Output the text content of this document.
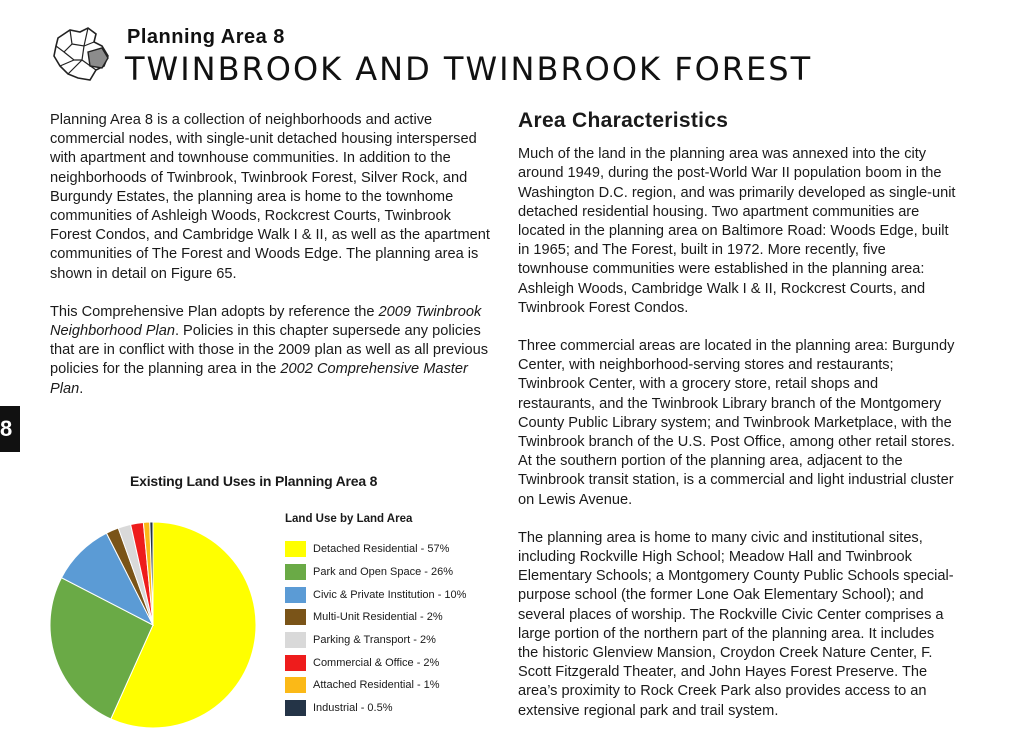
Planning Area 8
TWINBROOK AND TWINBROOK FOREST
8

Planning Area 8 is a collection of neighborhoods and active commercial nodes, with single-unit detached housing interspersed with apartment and townhouse communities. In addition to the neighborhoods of Twinbrook, Twinbrook Forest, Silver Rock, and Burgundy Estates, the planning area is home to the townhome communities of Ashleigh Woods, Rockcrest Courts, Twinbrook Forest Condos, and Cambridge Walk I & II, as well as the apartment communities of The Forest and Woods Edge. The planning area is shown in detail on Figure 65.

This Comprehensive Plan adopts by reference the 2009 Twinbrook Neighborhood Plan. Policies in this chapter supersede any policies that are in conflict with those in the 2009 plan as well as all previous policies for the planning area in the 2002 Comprehensive Master Plan.

Area Characteristics

Much of the land in the planning area was annexed into the city around 1949, during the post-World War II population boom in the Washington D.C. region, and was primarily developed as single-unit detached residential housing. Two apartment communities are located in the planning area on Baltimore Road: Woods Edge, built in 1965; and The Forest, built in 1972. More recently, five townhouse communities were established in the planning area: Ashleigh Woods, Cambridge Walk I & II, Rockcrest Courts, and Twinbrook Forest Condos.

Three commercial areas are located in the planning area: Burgundy Center, with neighborhood-serving stores and restaurants; Twinbrook Center, with a grocery store, retail shops and restaurants, and the Twinbrook Library branch of the Montgomery County Public Library system; and Twinbrook Marketplace, with the Twinbrook branch of the U.S. Post Office, among other retail stores. At the southern portion of the planning area, adjacent to the Twinbrook transit station, is a commercial and light industrial cluster on Lewis Avenue.

The planning area is home to many civic and institutional sites, including Rockville High School; Meadow Hall and Twinbrook Elementary Schools; a Montgomery County Public Schools special-purpose school (the former Lone Oak Elementary School); and several places of worship. The Rockville Civic Center comprises a large portion of the northern part of the planning area. It includes the historic Glenview Mansion, Croydon Creek Nature Center, F. Scott Fitzgerald Theater, and John Hayes Forest Preserve. The area’s proximity to Rock Creek Park also provides access to an extensive regional park and trail system.

Existing Land Uses in Planning Area 8
Land Use by Land Area
Detached Residential - 57%
Park and Open Space - 26%
Civic & Private Institution - 10%
Multi-Unit Residential - 2%
Parking & Transport - 2%
Commercial & Office - 2%
Attached Residential - 1%
Industrial - 0.5%
